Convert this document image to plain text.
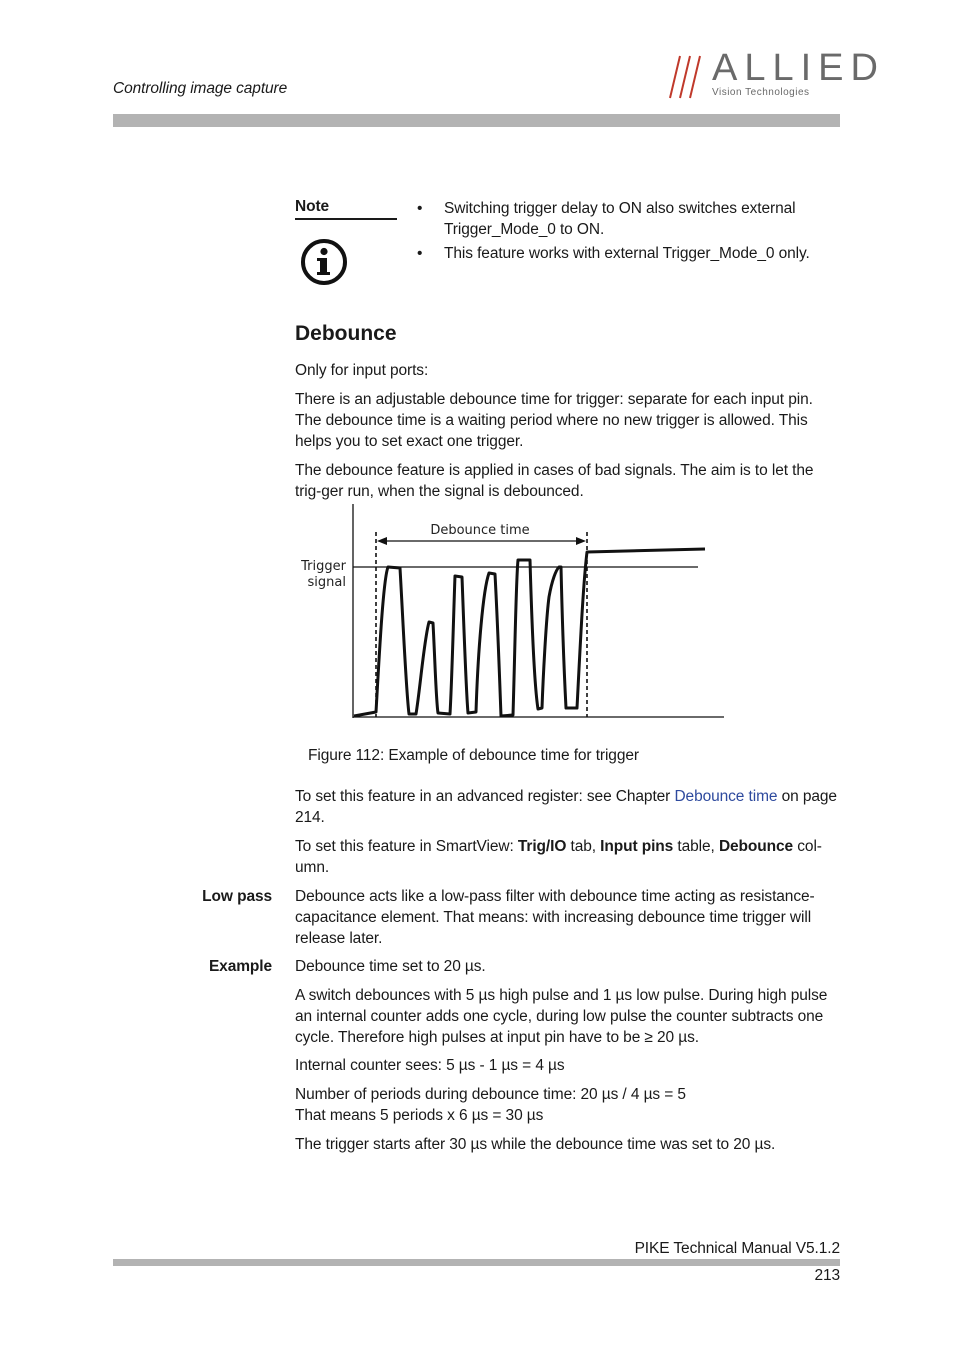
Controlling image capture	ALLIED
Vision Technologies
Note	• Switching trigger delay to ON also switches external Trigger_Mode_0 to ON.
• This feature works with external Trigger_Mode_0 only.
Debounce
Only for input ports:
There is an adjustable debounce time for trigger: separate for each input pin. The debounce time is a waiting period where no new trigger is allowed. This helps you to set exact one trigger.
The debounce feature is applied in cases of bad signals. The aim is to let the trig-ger run, when the signal is debounced.
Debounce time
Trigger
signal
Figure 112: Example of debounce time for trigger
To set this feature in an advanced register: see Chapter Debounce time on page 214.
To set this feature in SmartView: Trig/IO tab, Input pins table, Debounce col-umn.
Low pass Debounce acts like a low-pass filter with debounce time acting as resistance-capacitance element. That means: with increasing debounce time trigger will release later.
Example Debounce time set to 20 µs.
A switch debounces with 5 µs high pulse and 1 µs low pulse. During high pulse an internal counter adds one cycle, during low pulse the counter subtracts one cycle. Therefore high pulses at input pin have to be ≥ 20 µs.
Internal counter sees: 5 µs - 1 µs = 4 µs
Number of periods during debounce time: 20 µs / 4 µs = 5
That means 5 periods x 6 µs = 30 µs
The trigger starts after 30 µs while the debounce time was set to 20 µs.
PIKE Technical Manual V5.1.2
213
